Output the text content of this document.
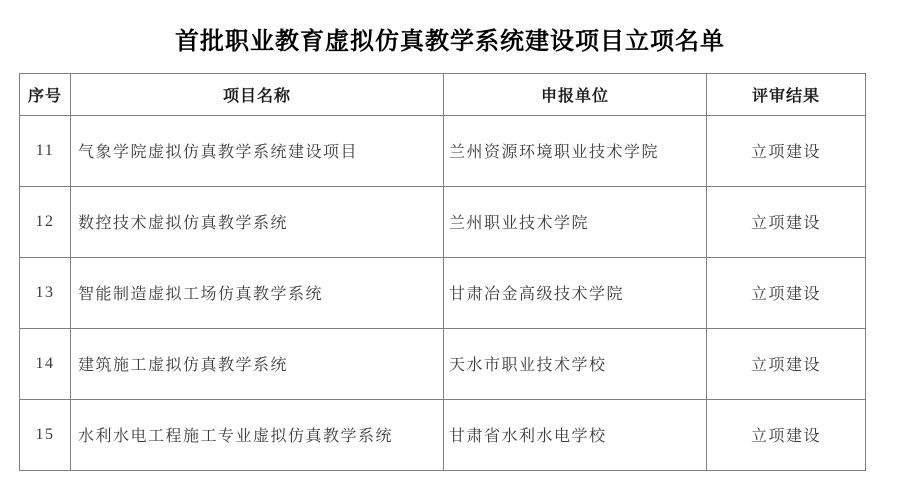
首批职业教育虚拟仿真教学系统建设项目立项名单
序号	项目名称	申报单位	评审结果
11	气象学院虚拟仿真教学系统建设项目	兰州资源环境职业技术学院	立项建设
12	数控技术虚拟仿真教学系统	兰州职业技术学院	立项建设
13	智能制造虚拟工场仿真教学系统	甘肃冶金高级技术学院	立项建设
14	建筑施工虚拟仿真教学系统	天水市职业技术学校	立项建设
15	水利水电工程施工专业虚拟仿真教学系统	甘肃省水利水电学校	立项建设
